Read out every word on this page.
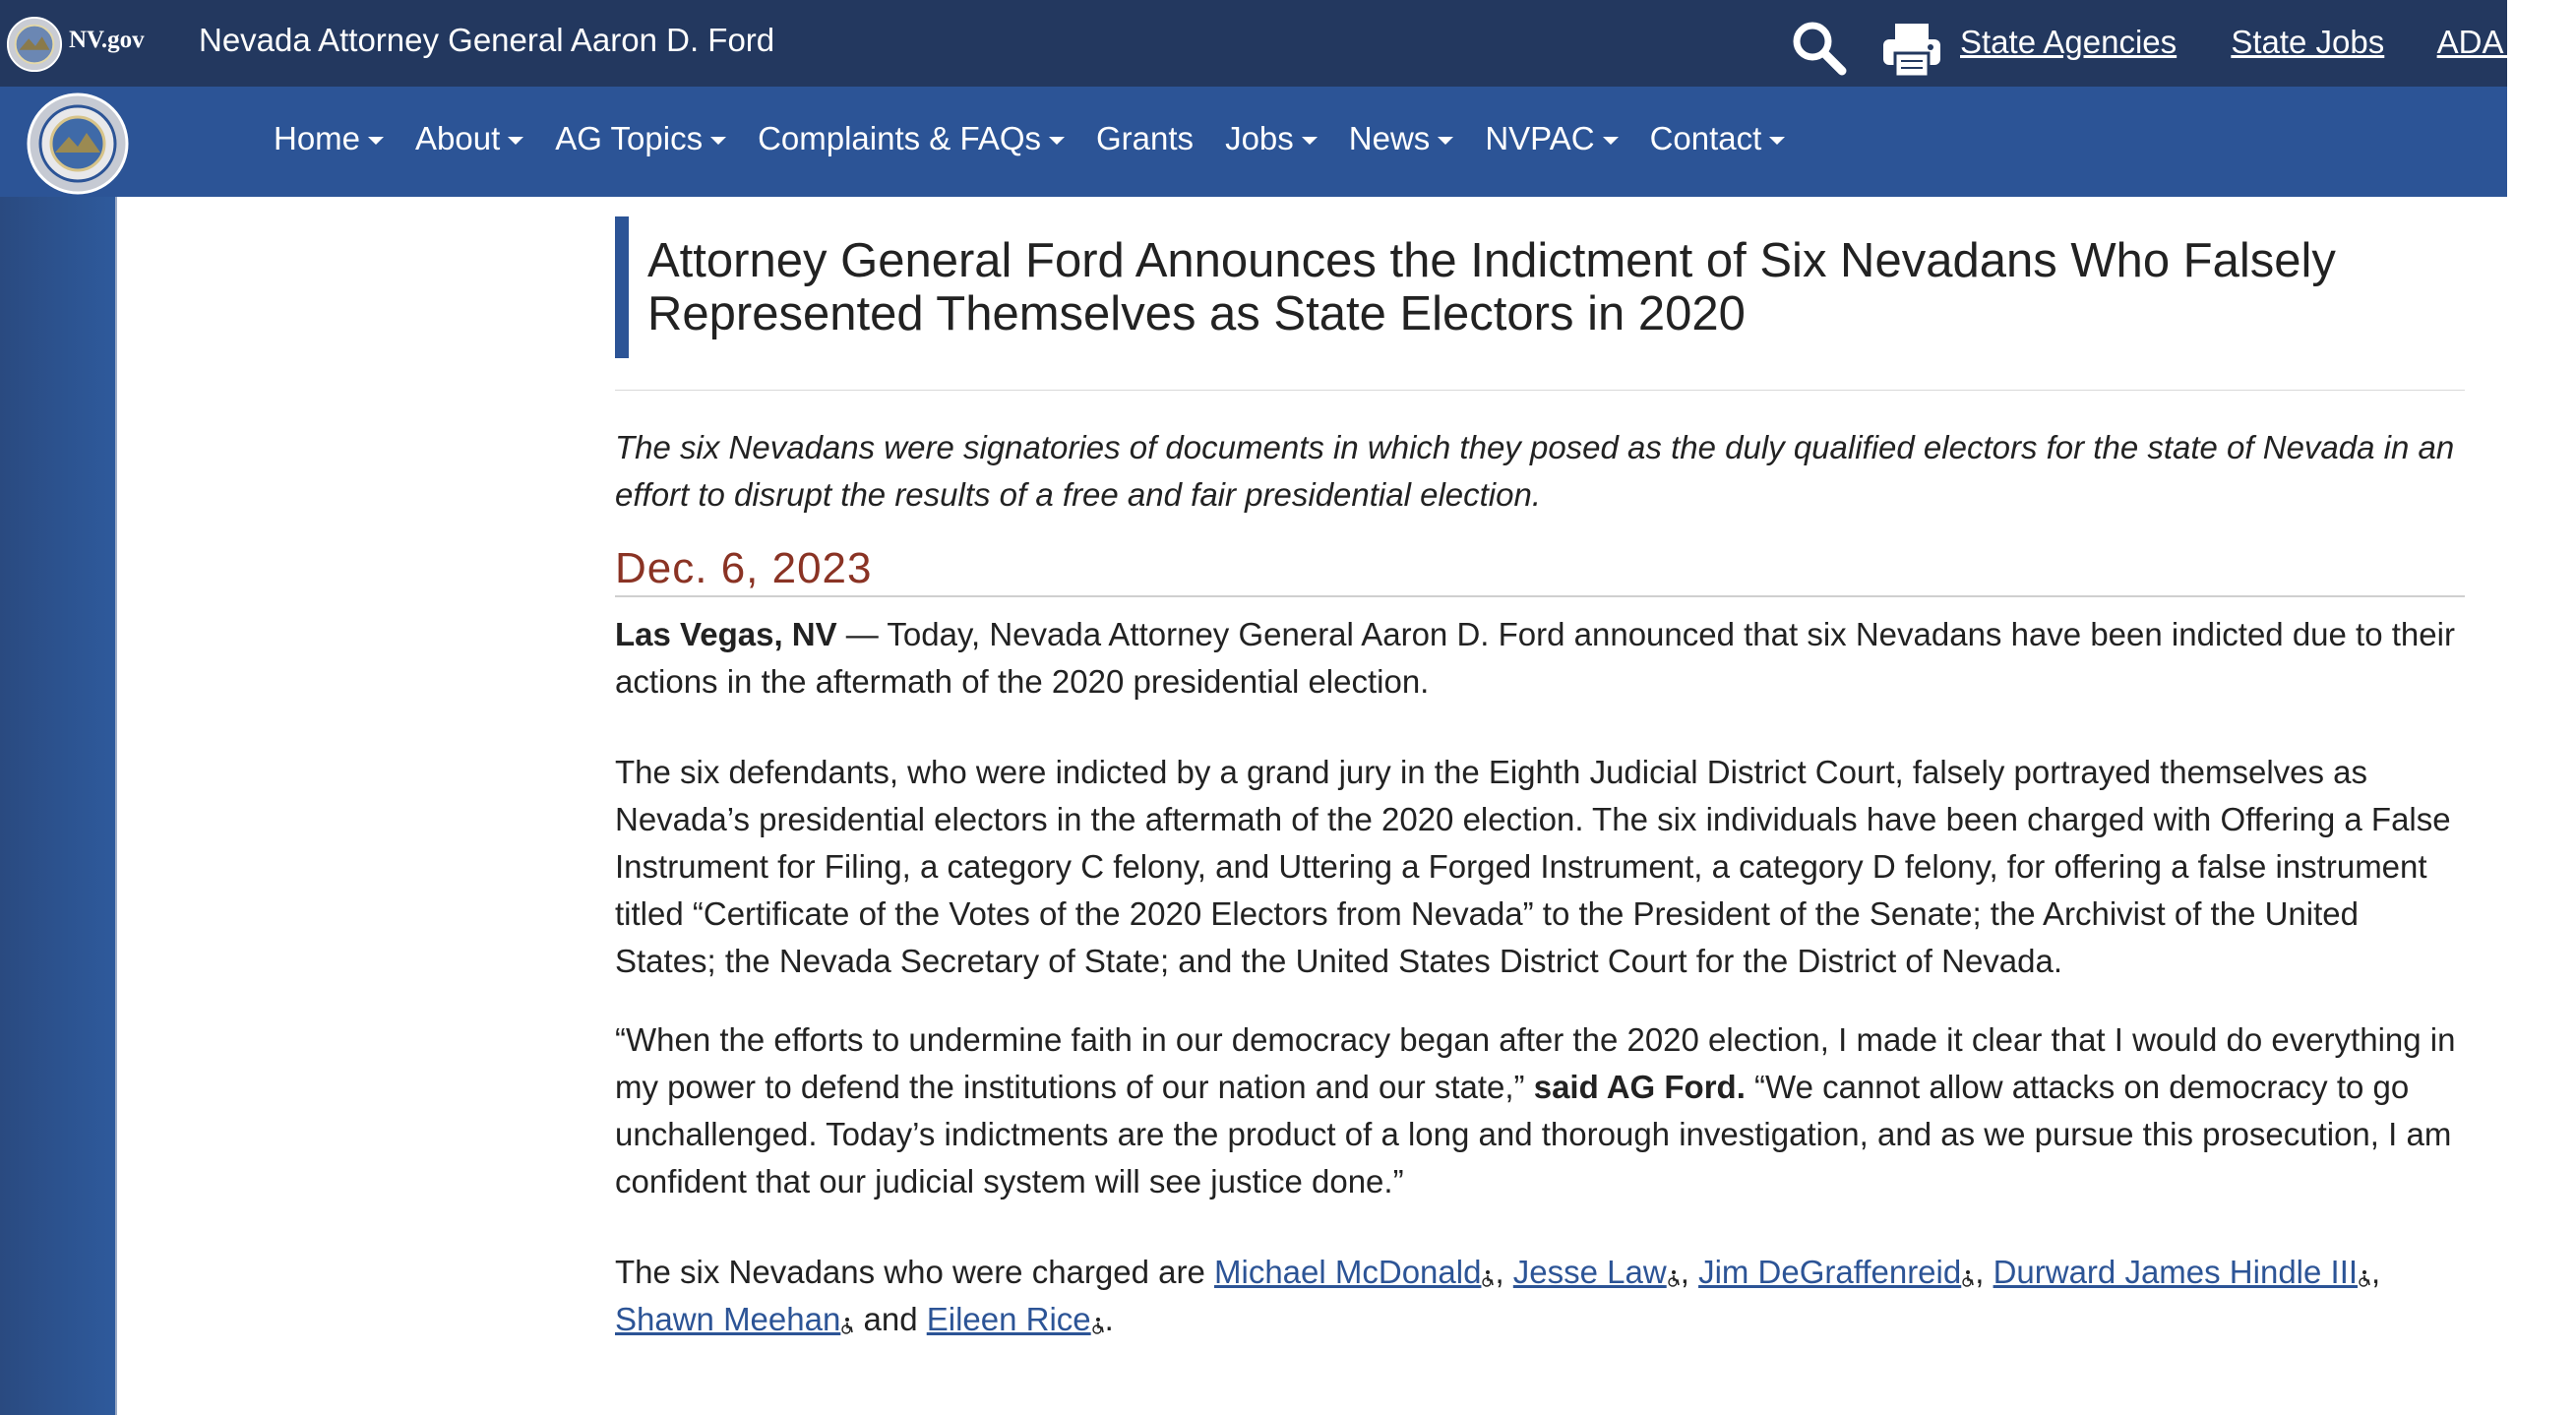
NV.gov Nevada Attorney General Aaron D. Ford	State Agencies State Jobs ADA A
Home	About	AG Topics	Complaints & FAQs	Grants Jobs	News	NVPAC	Contact
Attorney General Ford Announces the Indictment of Six Nevadans Who Falsely Represented Themselves as State Electors in 2020
The six Nevadans were signatories of documents in which they posed as the duly qualified electors for the state of Nevada in an effort to disrupt the results of a free and fair presidential election.
Dec. 6, 2023
Las Vegas, NV — Today, Nevada Attorney General Aaron D. Ford announced that six Nevadans have been indicted due to their actions in the aftermath of the 2020 presidential election.
The six defendants, who were indicted by a grand jury in the Eighth Judicial District Court, falsely portrayed themselves as Nevada’s presidential electors in the aftermath of the 2020 election. The six individuals have been charged with Offering a False Instrument for Filing, a category C felony, and Uttering a Forged Instrument, a category D felony, for offering a false instrument titled “Certificate of the Votes of the 2020 Electors from Nevada” to the President of the Senate; the Archivist of the United States; the Nevada Secretary of State; and the United States District Court for the District of Nevada.
“When the efforts to undermine faith in our democracy began after the 2020 election, I made it clear that I would do everything in my power to defend the institutions of our nation and our state,” said AG Ford. “We cannot allow attacks on democracy to go unchallenged. Today’s indictments are the product of a long and thorough investigation, and as we pursue this prosecution, I am confident that our judicial system will see justice done.”
The six Nevadans who were charged are Michael McDonald , Jesse Law , Jim DeGraffenreid , Durward James Hindle III , Shawn Meehan and Eileen Rice .
